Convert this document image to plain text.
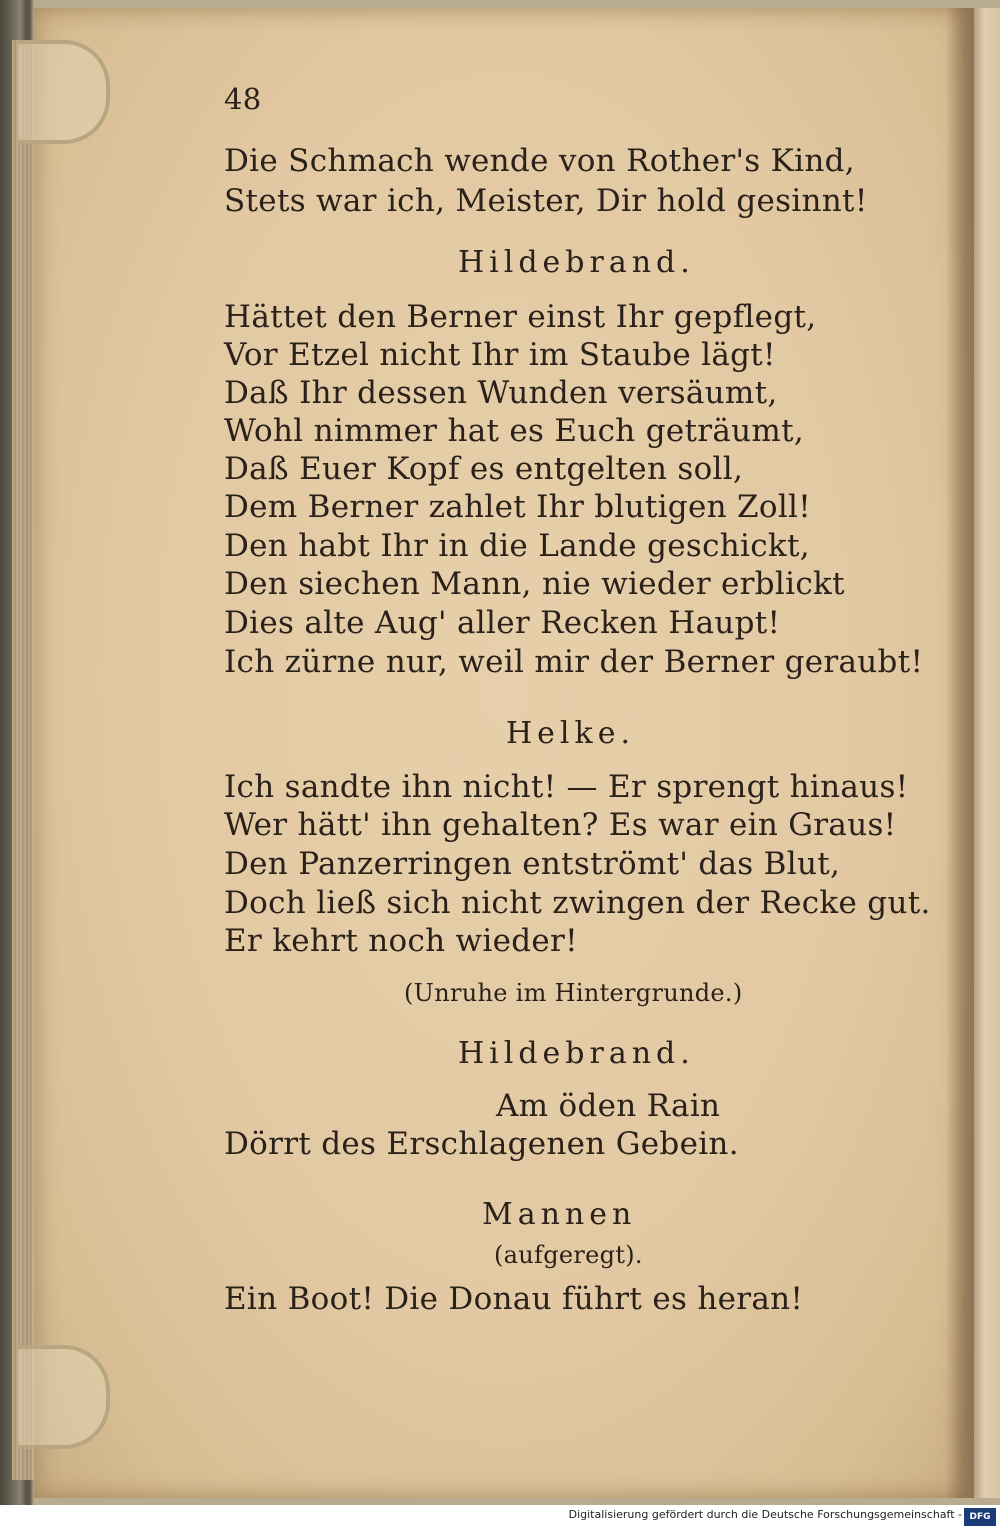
48

Die Schmach wende von Rother's Kind,

Stets war ich, Meister, Dir hold gesinnt!

Hildebrand.

Hättet den Berner einst Ihr gepflegt,

Vor Etzel nicht Ihr im Staube lägt!

Daß Ihr dessen Wunden versäumt,

Wohl nimmer hat es Euch geträumt,

Daß Euer Kopf es entgelten soll,

Dem Berner zahlet Ihr blutigen Zoll!

Den habt Ihr in die Lande geschickt,

Den siechen Mann, nie wieder erblickt

Dies alte Aug' aller Recken Haupt!

Ich zürne nur, weil mir der Berner geraubt!

Helke.

Ich sandte ihn nicht! — Er sprengt hinaus!

Wer hätt' ihn gehalten? Es war ein Graus!

Den Panzerringen entströmt' das Blut,

Doch ließ sich nicht zwingen der Recke gut.

Er kehrt noch wieder!

(Unruhe im Hintergrunde.)

Hildebrand.

Am öden Rain

Dörrt des Erschlagenen Gebein.

Mannen

(aufgeregt).

Ein Boot! Die Donau führt es heran!

Digitalisierung gefördert durch die Deutsche Forschungsgemeinschaft - DFG
